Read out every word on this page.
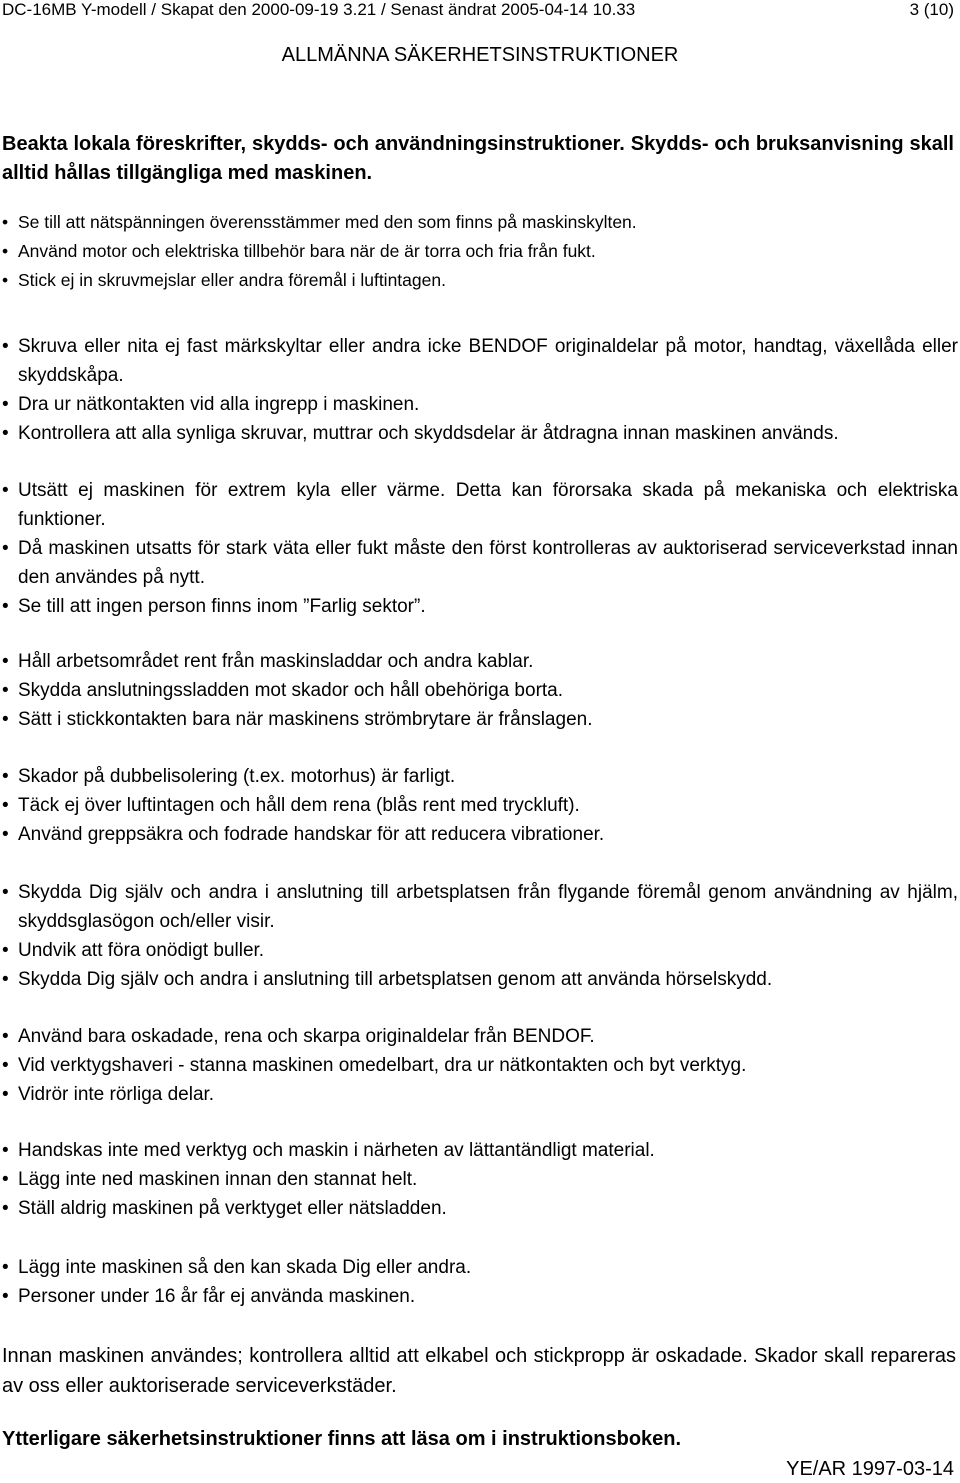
DC-16MB Y-modell / Skapat den 2000-09-19 3.21 / Senast ändrat 2005-04-14 10.33	3 (10)
ALLMÄNNA SÄKERHETSINSTRUKTIONER
Beakta lokala föreskrifter, skydds- och användningsinstruktioner. Skydds- och bruksanvisning skall alltid hållas tillgängliga med maskinen.
• Se till att nätspänningen överensstämmer med den som finns på maskinskylten.
• Använd motor och elektriska tillbehör bara när de är torra och fria från fukt.
• Stick ej in skruvmejslar eller andra föremål i luftintagen.
• Skruva eller nita ej fast märkskyltar eller andra icke BENDOF originaldelar på motor, handtag, växellåda eller skyddskåpa.
• Dra ur nätkontakten vid alla ingrepp i maskinen.
• Kontrollera att alla synliga skruvar, muttrar och skyddsdelar är åtdragna innan maskinen används.
• Utsätt ej maskinen för extrem kyla eller värme. Detta kan förorsaka skada på mekaniska och elektriska funktioner.
• Då maskinen utsatts för stark väta eller fukt måste den först kontrolleras av auktoriserad serviceverkstad innan den användes på nytt.
• Se till att ingen person finns inom ”Farlig sektor”.
• Håll arbetsområdet rent från maskinsladdar och andra kablar.
• Skydda anslutningssladden mot skador och håll obehöriga borta.
• Sätt i stickkontakten bara när maskinens strömbrytare är frånslagen.
• Skador på dubbelisolering (t.ex. motorhus) är farligt.
• Täck ej över luftintagen och håll dem rena (blås rent med tryckluft).
• Använd greppsäkra och fodrade handskar för att reducera vibrationer.
• Skydda Dig själv och andra i anslutning till arbetsplatsen från flygande föremål genom användning av hjälm, skyddsglasögon och/eller visir.
• Undvik att föra onödigt buller.
• Skydda Dig själv och andra i anslutning till arbetsplatsen genom att använda hörselskydd.
• Använd bara oskadade, rena och skarpa originaldelar från BENDOF.
• Vid verktygshaveri - stanna maskinen omedelbart, dra ur nätkontakten och byt verktyg.
• Vidrör inte rörliga delar.
• Handskas inte med verktyg och maskin i närheten av lättantändligt material.
• Lägg inte ned maskinen innan den stannat helt.
• Ställ aldrig maskinen på verktyget eller nätsladden.
• Lägg inte maskinen så den kan skada Dig eller andra.
• Personer under 16 år får ej använda maskinen.
Innan maskinen användes; kontrollera alltid att elkabel och stickpropp är oskadade. Skador skall repareras av oss eller auktoriserade serviceverkstäder.
Ytterligare säkerhetsinstruktioner finns att läsa om i instruktionsboken.
YE/AR 1997-03-14
